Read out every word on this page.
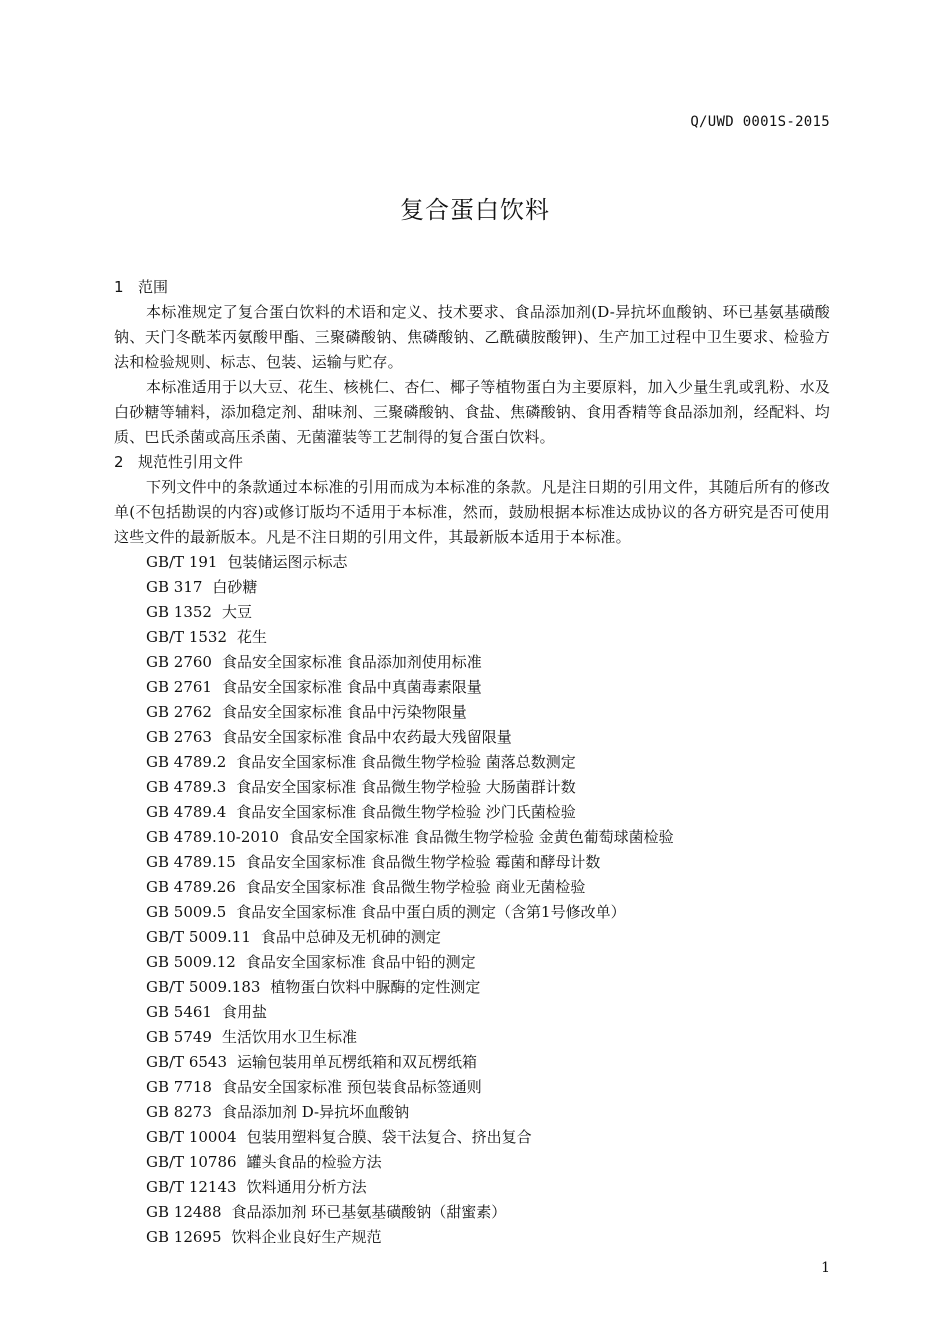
Q/UWD 0001S-2015
复合蛋白饮料
1 范围

本标准规定了复合蛋白饮料的术语和定义、技术要求、食品添加剂(D-异抗坏血酸钠、环已基氨基磺酸钠、天门冬酰苯丙氨酸甲酯、三聚磷酸钠、焦磷酸钠、乙酰磺胺酸钾)、生产加工过程中卫生要求、检验方法和检验规则、标志、包装、运输与贮存。

本标准适用于以大豆、花生、核桃仁、杏仁、椰子等植物蛋白为主要原料，加入少量生乳或乳粉、水及白砂糖等辅料，添加稳定剂、甜味剂、三聚磷酸钠、食盐、焦磷酸钠、食用香精等食品添加剂，经配料、均质、巴氏杀菌或高压杀菌、无菌灌装等工艺制得的复合蛋白饮料。

2 规范性引用文件

下列文件中的条款通过本标准的引用而成为本标准的条款。凡是注日期的引用文件，其随后所有的修改单(不包括勘误的内容)或修订版均不适用于本标准，然而，鼓励根据本标准达成协议的各方研究是否可使用这些文件的最新版本。凡是不注日期的引用文件，其最新版本适用于本标准。

GB/T 191 包装储运图示标志
GB 317 白砂糖
GB 1352 大豆
GB/T 1532 花生
GB 2760 食品安全国家标准 食品添加剂使用标准
GB 2761 食品安全国家标准 食品中真菌毒素限量
GB 2762 食品安全国家标准 食品中污染物限量
GB 2763 食品安全国家标准 食品中农药最大残留限量
GB 4789.2 食品安全国家标准 食品微生物学检验 菌落总数测定
GB 4789.3 食品安全国家标准 食品微生物学检验 大肠菌群计数
GB 4789.4 食品安全国家标准 食品微生物学检验 沙门氏菌检验
GB 4789.10-2010 食品安全国家标准 食品微生物学检验 金黄色葡萄球菌检验
GB 4789.15 食品安全国家标准 食品微生物学检验 霉菌和酵母计数
GB 4789.26 食品安全国家标准 食品微生物学检验 商业无菌检验
GB 5009.5 食品安全国家标准 食品中蛋白质的测定（含第1号修改单）
GB/T 5009.11 食品中总砷及无机砷的测定
GB 5009.12 食品安全国家标准 食品中铅的测定
GB/T 5009.183 植物蛋白饮料中脲酶的定性测定
GB 5461 食用盐
GB 5749 生活饮用水卫生标准
GB/T 6543 运输包装用单瓦楞纸箱和双瓦楞纸箱
GB 7718 食品安全国家标准 预包装食品标签通则
GB 8273 食品添加剂 D-异抗坏血酸钠
GB/T 10004 包装用塑料复合膜、袋干法复合、挤出复合
GB/T 10786 罐头食品的检验方法
GB/T 12143 饮料通用分析方法
GB 12488 食品添加剂 环已基氨基磺酸钠（甜蜜素）
GB 12695 饮料企业良好生产规范
1
